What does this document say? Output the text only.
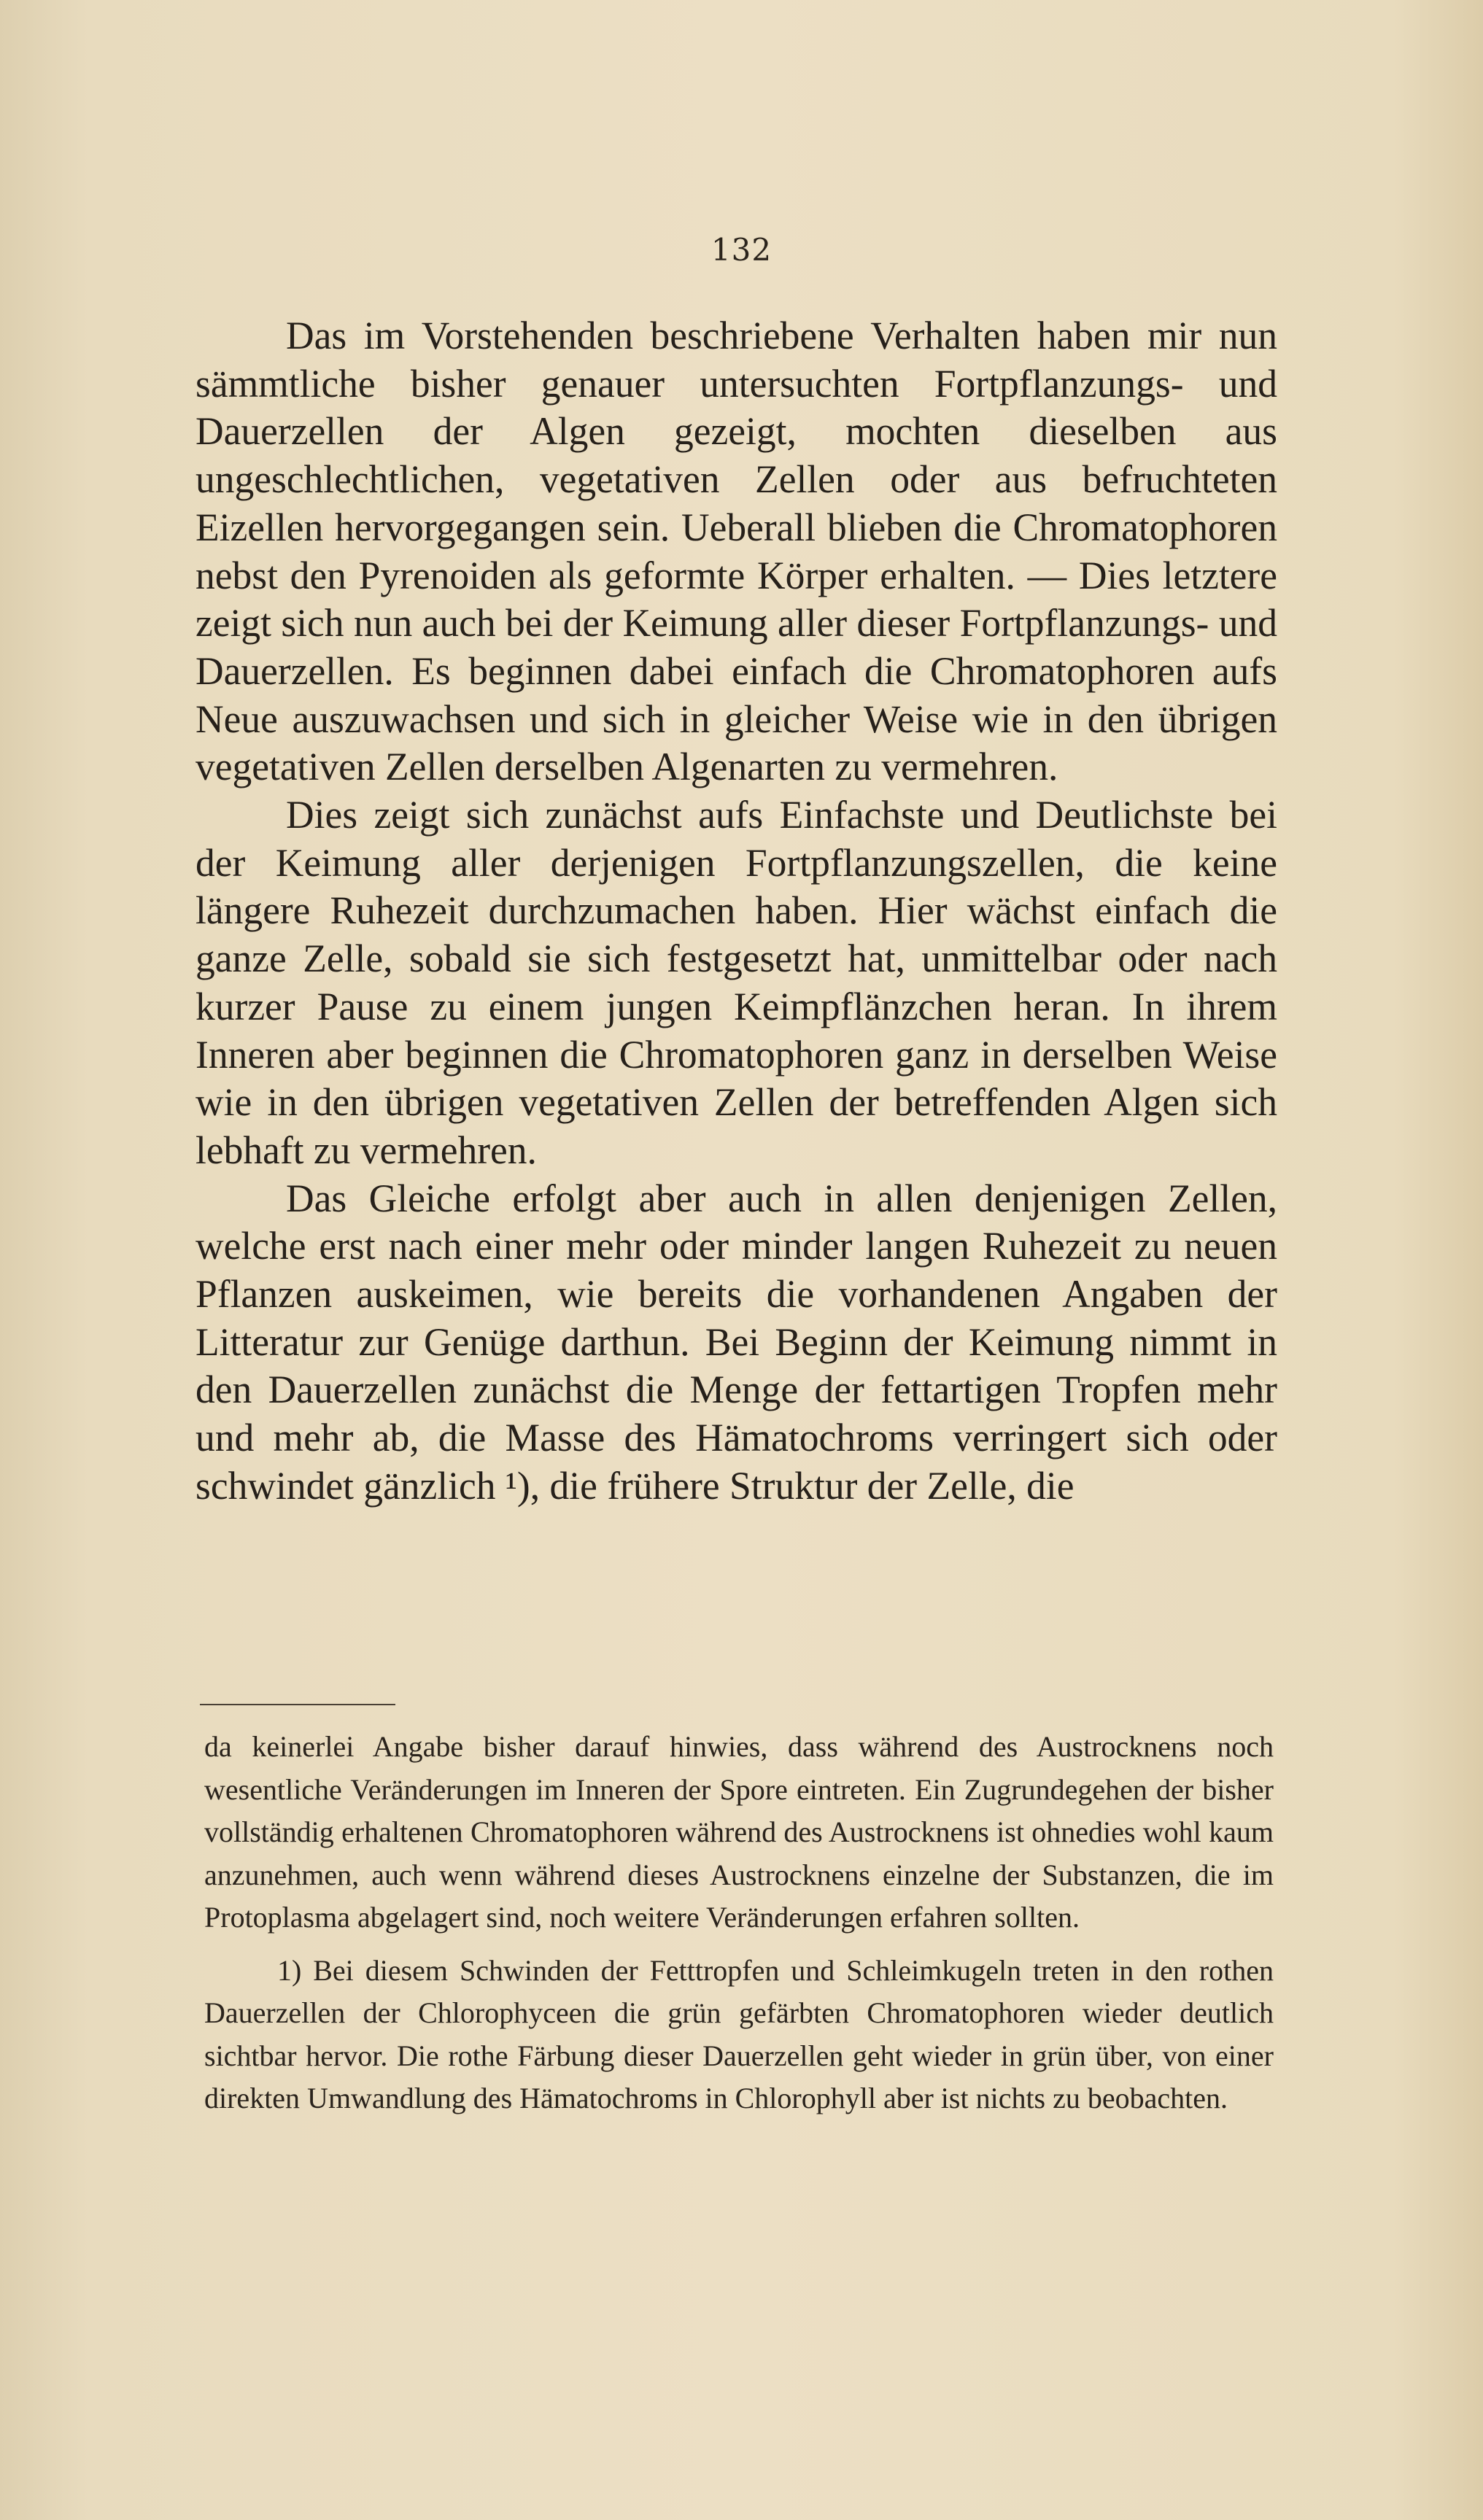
132

Das im Vorstehenden beschriebene Verhalten haben mir nun sämmtliche bisher genauer untersuchten Fortpflanzungs- und Dauerzellen der Algen gezeigt, mochten dieselben aus ungeschlechtlichen, vegetativen Zellen oder aus befruchteten Eizellen hervorgegangen sein. Ueberall blieben die Chromatophoren nebst den Pyrenoiden als geformte Körper erhalten. — Dies letztere zeigt sich nun auch bei der Keimung aller dieser Fortpflanzungs- und Dauerzellen. Es beginnen dabei einfach die Chromatophoren aufs Neue auszuwachsen und sich in gleicher Weise wie in den übrigen vegetativen Zellen derselben Algenarten zu vermehren.

Dies zeigt sich zunächst aufs Einfachste und Deutlichste bei der Keimung aller derjenigen Fortpflanzungszellen, die keine längere Ruhezeit durchzumachen haben. Hier wächst einfach die ganze Zelle, sobald sie sich festgesetzt hat, unmittelbar oder nach kurzer Pause zu einem jungen Keimpflänzchen heran. In ihrem Inneren aber beginnen die Chromatophoren ganz in derselben Weise wie in den übrigen vegetativen Zellen der betreffenden Algen sich lebhaft zu vermehren.

Das Gleiche erfolgt aber auch in allen denjenigen Zellen, welche erst nach einer mehr oder minder langen Ruhezeit zu neuen Pflanzen auskeimen, wie bereits die vorhandenen Angaben der Litteratur zur Genüge darthun. Bei Beginn der Keimung nimmt in den Dauerzellen zunächst die Menge der fettartigen Tropfen mehr und mehr ab, die Masse des Hämatochroms verringert sich oder schwindet gänzlich ¹), die frühere Struktur der Zelle, die

da keinerlei Angabe bisher darauf hinwies, dass während des Austrocknens noch wesentliche Veränderungen im Inneren der Spore eintreten. Ein Zugrundegehen der bisher vollständig erhaltenen Chromatophoren während des Austrocknens ist ohnedies wohl kaum anzunehmen, auch wenn während dieses Austrocknens einzelne der Substanzen, die im Protoplasma abgelagert sind, noch weitere Veränderungen erfahren sollten.

1) Bei diesem Schwinden der Fetttropfen und Schleimkugeln treten in den rothen Dauerzellen der Chlorophyceen die grün gefärbten Chromatophoren wieder deutlich sichtbar hervor. Die rothe Färbung dieser Dauerzellen geht wieder in grün über, von einer direkten Umwandlung des Hämatochroms in Chlorophyll aber ist nichts zu beobachten.
